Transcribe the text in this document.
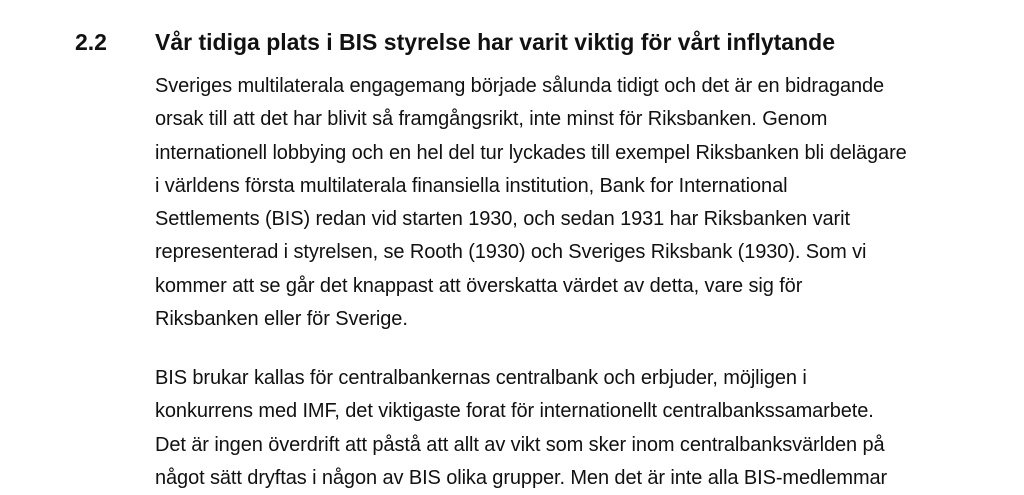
2.2 Vår tidiga plats i BIS styrelse har varit viktig för vårt inflytande

Sveriges multilaterala engagemang började sålunda tidigt och det är en bidragande
orsak till att det har blivit så framgångsrikt, inte minst för Riksbanken. Genom
internationell lobbying och en hel del tur lyckades till exempel Riksbanken bli delägare
i världens första multilaterala finansiella institution, Bank for International
Settlements (BIS) redan vid starten 1930, och sedan 1931 har Riksbanken varit
representerad i styrelsen, se Rooth (1930) och Sveriges Riksbank (1930). Som vi
kommer att se går det knappast att överskatta värdet av detta, vare sig för
Riksbanken eller för Sverige.

BIS brukar kallas för centralbankernas centralbank och erbjuder, möjligen i
konkurrens med IMF, det viktigaste forat för internationellt centralbankssamarbete.
Det är ingen överdrift att påstå att allt av vikt som sker inom centralbanksvärlden på
något sätt dryftas i någon av BIS olika grupper. Men det är inte alla BIS-medlemmar
